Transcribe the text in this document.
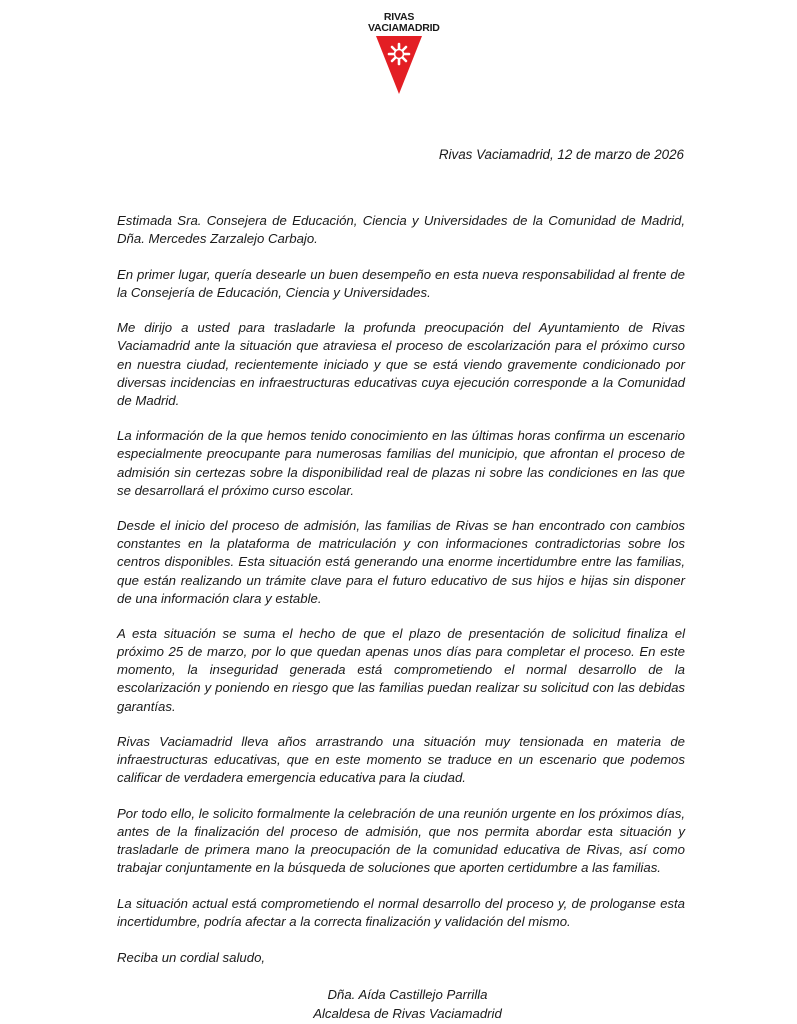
RIVAS
VACIAMADRID
Rivas Vaciamadrid, 12 de marzo de 2026

Estimada Sra. Consejera de Educación, Ciencia y Universidades de la Comunidad de Madrid, Dña. Mercedes Zarzalejo Carbajo.

En primer lugar, quería desearle un buen desempeño en esta nueva responsabilidad al frente de la Consejería de Educación, Ciencia y Universidades.

Me dirijo a usted para trasladarle la profunda preocupación del Ayuntamiento de Rivas Vaciamadrid ante la situación que atraviesa el proceso de escolarización para el próximo curso en nuestra ciudad, recientemente iniciado y que se está viendo gravemente condicionado por diversas incidencias en infraestructuras educativas cuya ejecución corresponde a la Comunidad de Madrid.

La información de la que hemos tenido conocimiento en las últimas horas confirma un escenario especialmente preocupante para numerosas familias del municipio, que afrontan el proceso de admisión sin certezas sobre la disponibilidad real de plazas ni sobre las condiciones en las que se desarrollará el próximo curso escolar.

Desde el inicio del proceso de admisión, las familias de Rivas se han encontrado con cambios constantes en la plataforma de matriculación y con informaciones contradictorias sobre los centros disponibles. Esta situación está generando una enorme incertidumbre entre las familias, que están realizando un trámite clave para el futuro educativo de sus hijos e hijas sin disponer de una información clara y estable.

A esta situación se suma el hecho de que el plazo de presentación de solicitud finaliza el próximo 25 de marzo, por lo que quedan apenas unos días para completar el proceso. En este momento, la inseguridad generada está comprometiendo el normal desarrollo de la escolarización y poniendo en riesgo que las familias puedan realizar su solicitud con las debidas garantías.

Rivas Vaciamadrid lleva años arrastrando una situación muy tensionada en materia de infraestructuras educativas, que en este momento se traduce en un escenario que podemos calificar de verdadera emergencia educativa para la ciudad.

Por todo ello, le solicito formalmente la celebración de una reunión urgente en los próximos días, antes de la finalización del proceso de admisión, que nos permita abordar esta situación y trasladarle de primera mano la preocupación de la comunidad educativa de Rivas, así como trabajar conjuntamente en la búsqueda de soluciones que aporten certidumbre a las familias.

La situación actual está comprometiendo el normal desarrollo del proceso y, de prologanse esta incertidumbre, podría afectar a la correcta finalización y validación del mismo.

Reciba un cordial saludo,

Dña. Aída Castillejo Parrilla
Alcaldesa de Rivas Vaciamadrid
